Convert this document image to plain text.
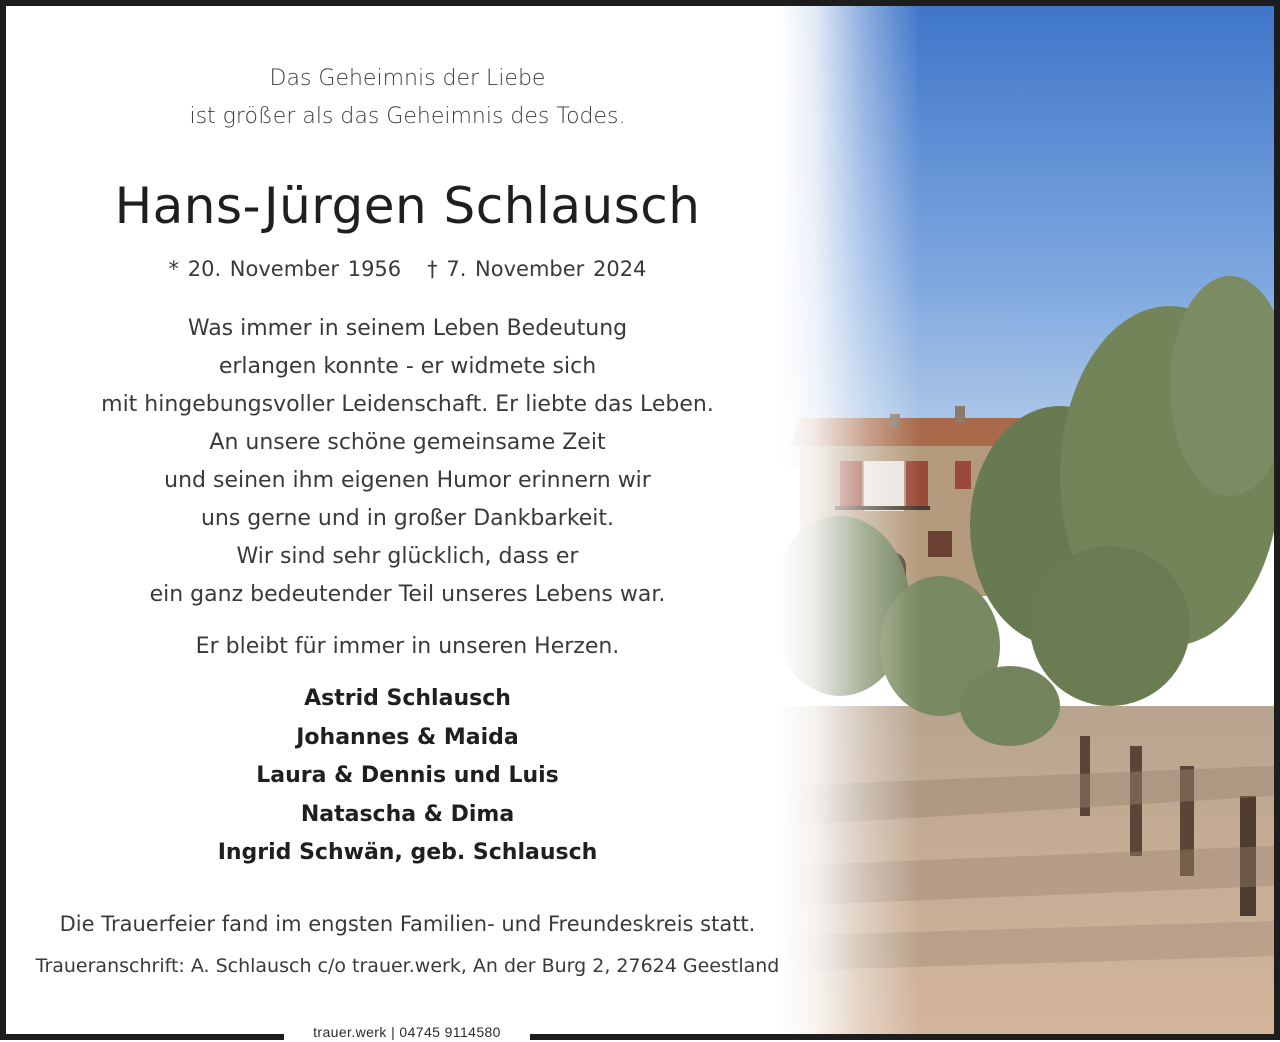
Das Geheimnis der Liebe
ist größer als das Geheimnis des Todes.
Hans-Jürgen Schlausch
* 20. November 1956 † 7. November 2024
Was immer in seinem Leben Bedeutung
erlangen konnte - er widmete sich
mit hingebungsvoller Leidenschaft. Er liebte das Leben.
An unsere schöne gemeinsame Zeit
und seinen ihm eigenen Humor erinnern wir
uns gerne und in großer Dankbarkeit.
Wir sind sehr glücklich, dass er
ein ganz bedeutender Teil unseres Lebens war.
Er bleibt für immer in unseren Herzen.
Astrid Schlausch
Johannes & Maida
Laura & Dennis und Luis
Natascha & Dima
Ingrid Schwän, geb. Schlausch
Die Trauerfeier fand im engsten Familien- und Freundeskreis statt.
Traueranschrift: A. Schlausch c/o trauer.werk, An der Burg 2, 27624 Geestland
trauer.werk | 04745 9114580
